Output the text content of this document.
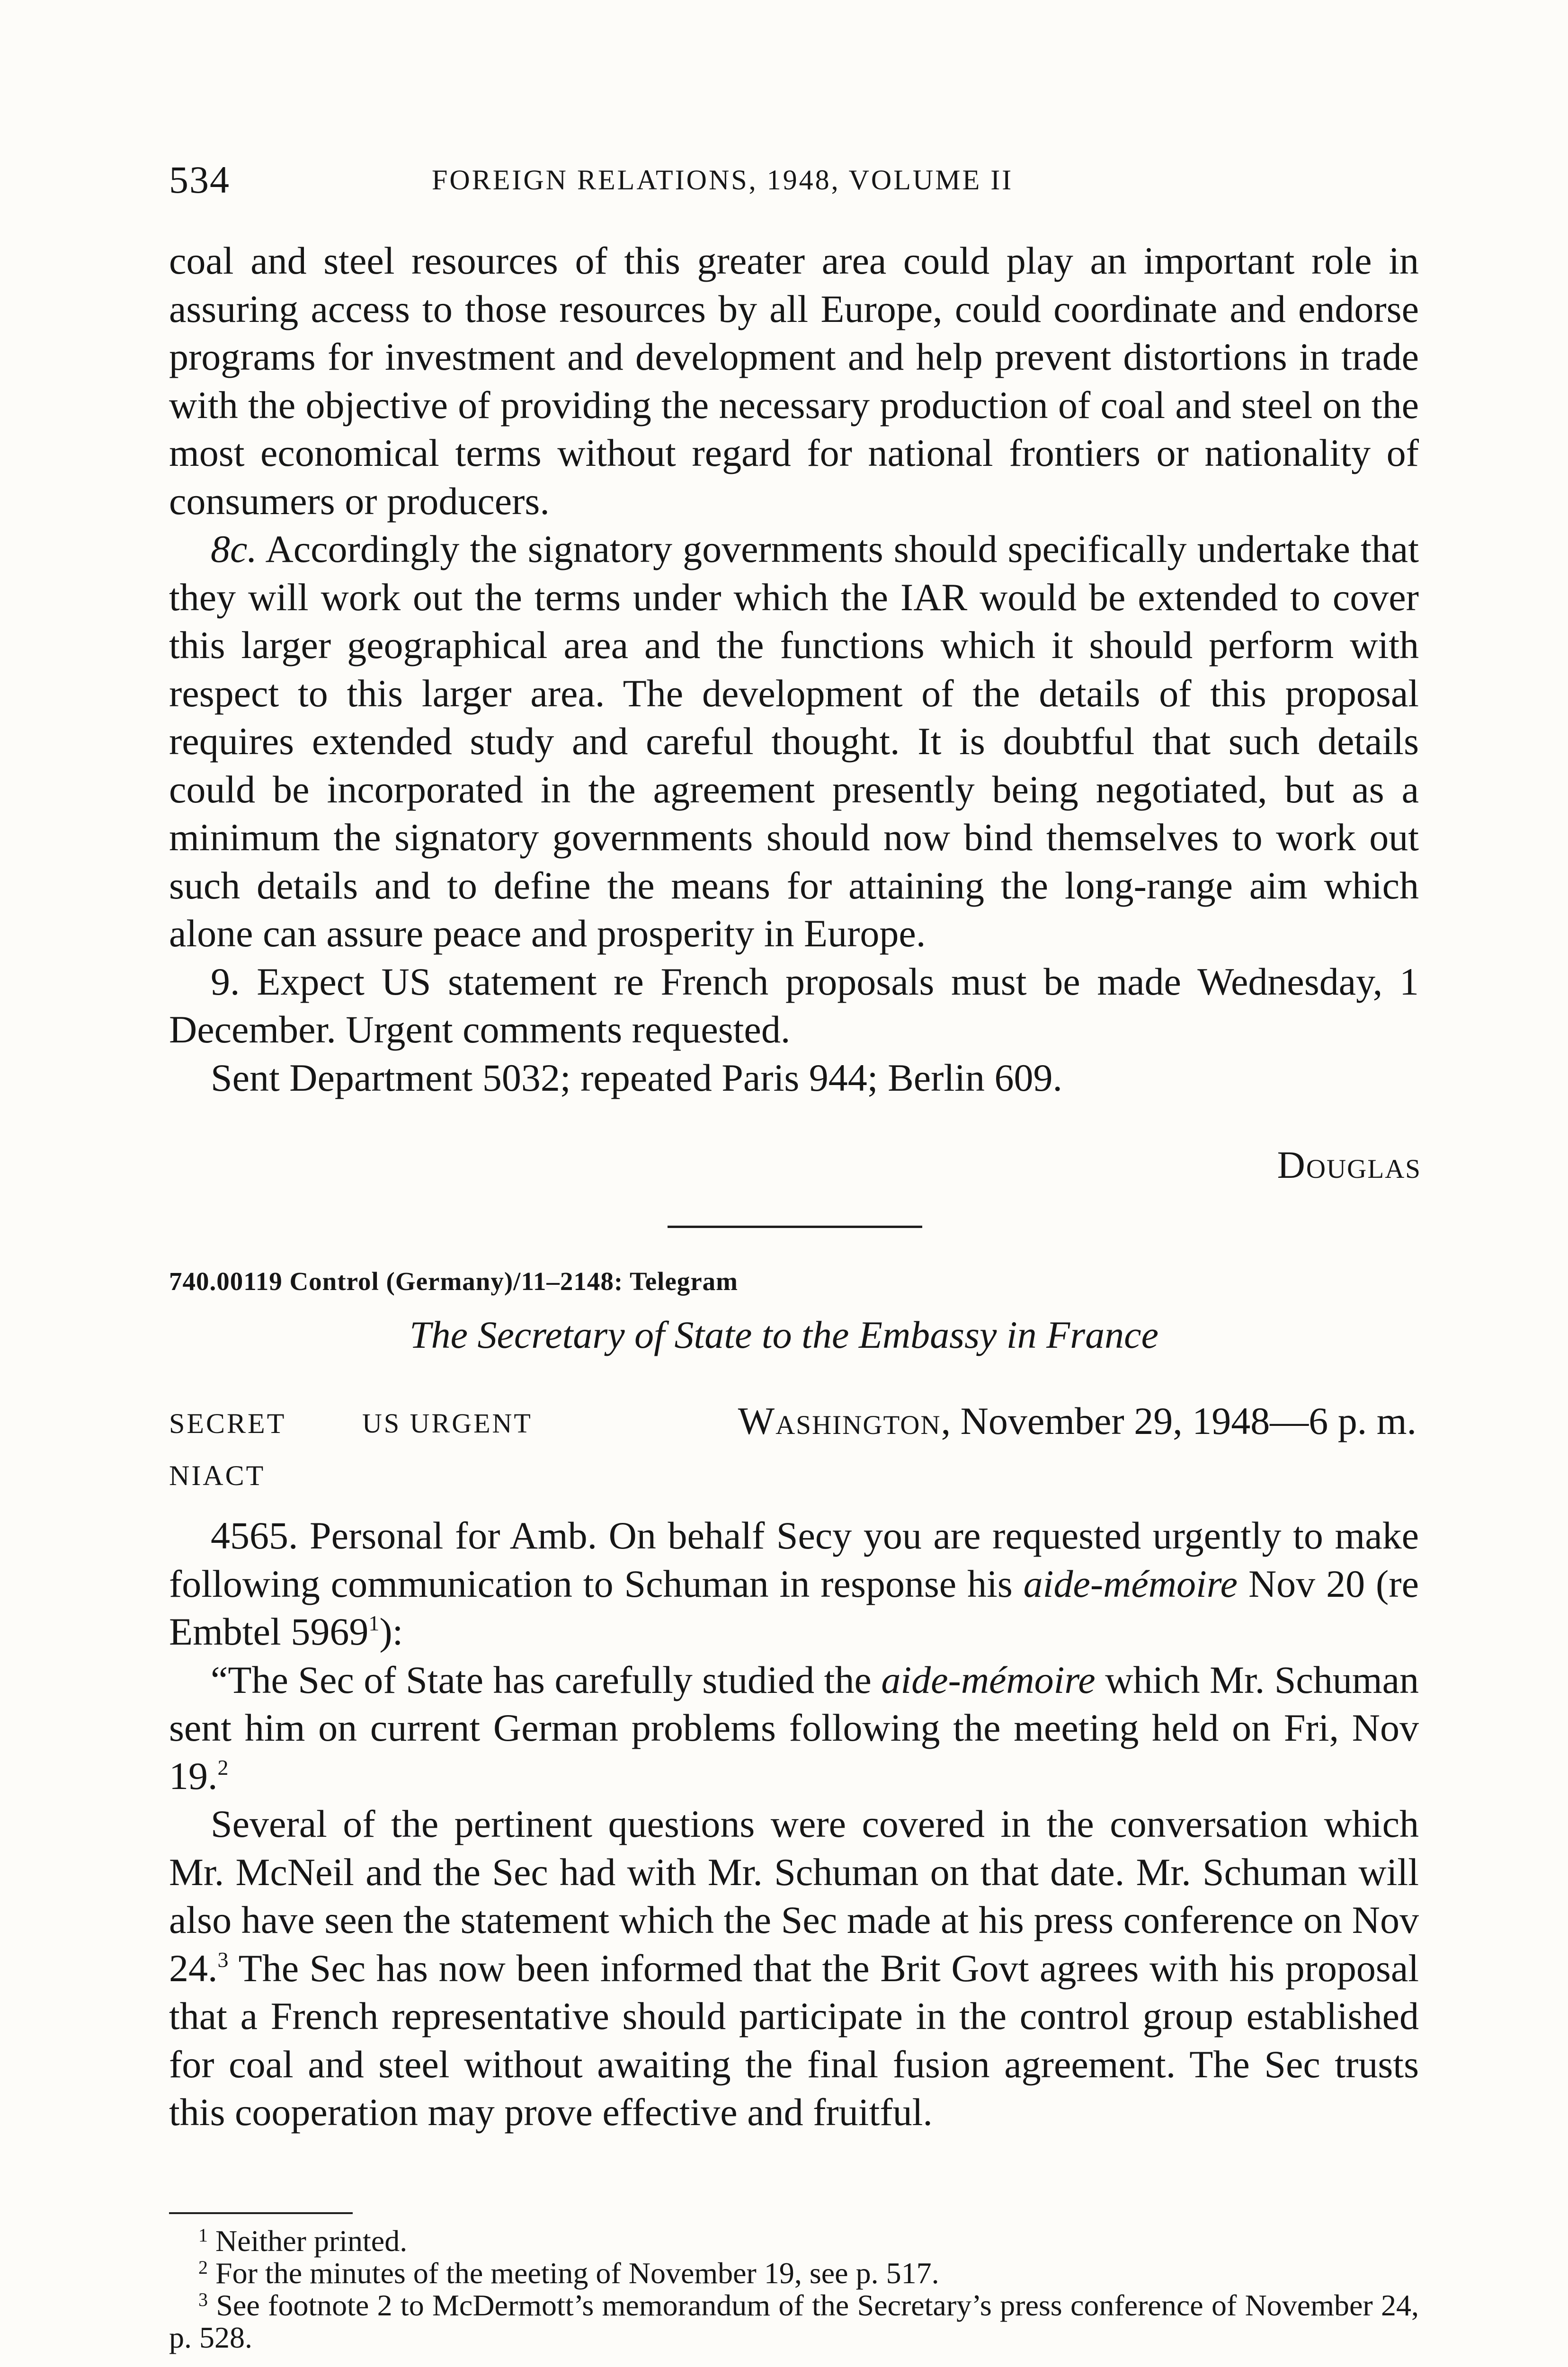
534	FOREIGN RELATIONS, 1948, VOLUME II

coal and steel resources of this greater area could play an important role in assuring access to those resources by all Europe, could coordinate and endorse programs for investment and development and help prevent distortions in trade with the objective of providing the necessary production of coal and steel on the most economical terms without regard for national frontiers or nationality of consumers or producers.

8c. Accordingly the signatory governments should specifically undertake that they will work out the terms under which the IAR would be extended to cover this larger geographical area and the functions which it should perform with respect to this larger area. The development of the details of this proposal requires extended study and careful thought. It is doubtful that such details could be incorporated in the agreement presently being negotiated, but as a minimum the signatory governments should now bind themselves to work out such details and to define the means for attaining the long-range aim which alone can assure peace and prosperity in Europe.

9. Expect US statement re French proposals must be made Wednesday, 1 December. Urgent comments requested.

Sent Department 5032; repeated Paris 944; Berlin 609.

Douglas
740.00119 Control (Germany)/11–2148: Telegram
The Secretary of State to the Embassy in France
SECRET	US URGENT	Washington, November 29, 1948—6 p. m.
NIACT

4565. Personal for Amb. On behalf Secy you are requested urgently to make following communication to Schuman in response his aide-mémoire Nov 20 (re Embtel 5969$^1$):

“The Sec of State has carefully studied the aide-mémoire which Mr. Schuman sent him on current German problems following the meeting held on Fri, Nov 19.$^2$

Several of the pertinent questions were covered in the conversation which Mr. McNeil and the Sec had with Mr. Schuman on that date. Mr. Schuman will also have seen the statement which the Sec made at his press conference on Nov 24.$^3$ The Sec has now been informed that the Brit Govt agrees with his proposal that a French representative should participate in the control group established for coal and steel without awaiting the final fusion agreement. The Sec trusts this cooperation may prove effective and fruitful.

$^1$ Neither printed.

$^2$ For the minutes of the meeting of November 19, see p. 517.

$^3$ See footnote 2 to McDermott’s memorandum of the Secretary’s press conference of November 24, p. 528.
